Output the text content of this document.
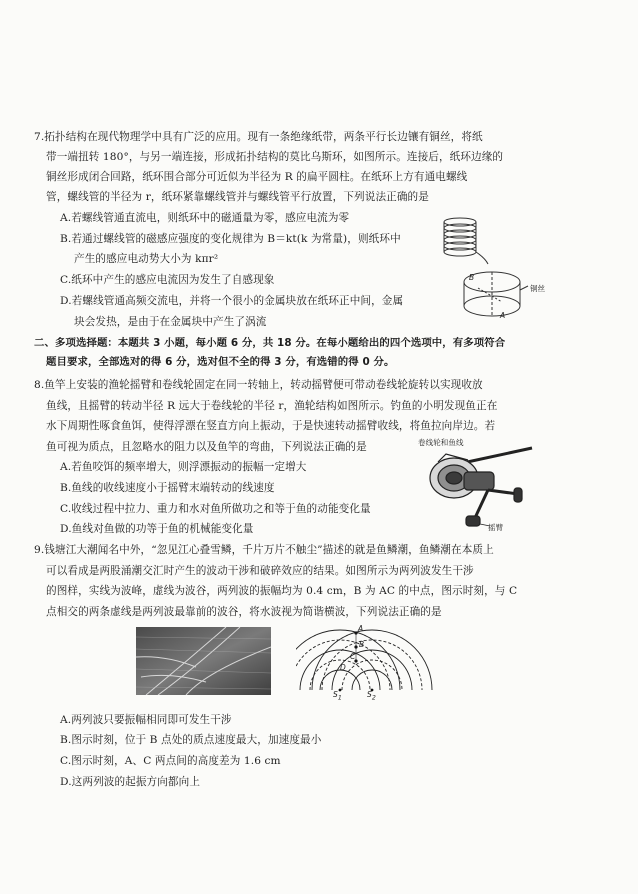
7.拓扑结构在现代物理学中具有广泛的应用。现有一条绝缘纸带，两条平行长边镶有铜丝，将纸
带一端扭转 180°，与另一端连接，形成拓扑结构的莫比乌斯环，如图所示。连接后，纸环边缘的
铜丝形成闭合回路，纸环围合部分可近似为半径为 R 的扁平圆柱。在纸环上方有通电螺线
管，螺线管的半径为 r，纸环紧靠螺线管并与螺线管平行放置，下列说法正确的是
A.若螺线管通直流电，则纸环中的磁通量为零，感应电流为零
B.若通过螺线管的磁感应强度的变化规律为 B＝kt(k 为常量)，则纸环中
产生的感应电动势大小为 kπr²
C.纸环中产生的感应电流因为发生了自感现象
D.若螺线管通高频交流电，并将一个很小的金属块放在纸环正中间，金属
块会发热，是由于在金属块中产生了涡流
铜丝
B
A
二、多项选择题：本题共 3 小题，每小题 6 分，共 18 分。在每小题给出的四个选项中，有多项符合
题目要求，全部选对的得 6 分，选对但不全的得 3 分，有选错的得 0 分。
8.鱼竿上安装的渔轮摇臂和卷线轮固定在同一转轴上，转动摇臂便可带动卷线轮旋转以实现收放
鱼线，且摇臂的转动半径 R 远大于卷线轮的半径 r，渔轮结构如图所示。钓鱼的小明发现鱼正在
水下周期性啄食鱼饵，使得浮漂在竖直方向上振动，于是快速转动摇臂收线，将鱼拉向岸边。若
鱼可视为质点，且忽略水的阻力以及鱼竿的弯曲，下列说法正确的是
A.若鱼咬饵的频率增大，则浮漂振动的振幅一定增大
B.鱼线的收线速度小于摇臂末端转动的线速度
C.收线过程中拉力、重力和水对鱼所做功之和等于鱼的动能变化量
D.鱼线对鱼做的功等于鱼的机械能变化量
卷线轮和鱼线
摇臂
9.钱塘江大潮闻名中外，“忽见江心叠雪鳞，千片万片不触尘”描述的就是鱼鳞潮，鱼鳞潮在本质上
可以看成是两股涌潮交汇时产生的波动干涉和破碎效应的结果。如图所示为两列波发生干涉
的图样，实线为波峰，虚线为波谷，两列波的振幅均为 0.4 cm，B 为 AC 的中点，图示时刻，与 C
点相交的两条虚线是两列波最靠前的波谷，将水波视为简谐横波，下列说法正确的是
A
B
C
D
$S_1$	$S_2$
A.两列波只要振幅相同即可发生干涉
B.图示时刻，位于 B 点处的质点速度最大，加速度最小
C.图示时刻，A、C 两点间的高度差为 1.6 cm
D.这两列波的起振方向都向上
